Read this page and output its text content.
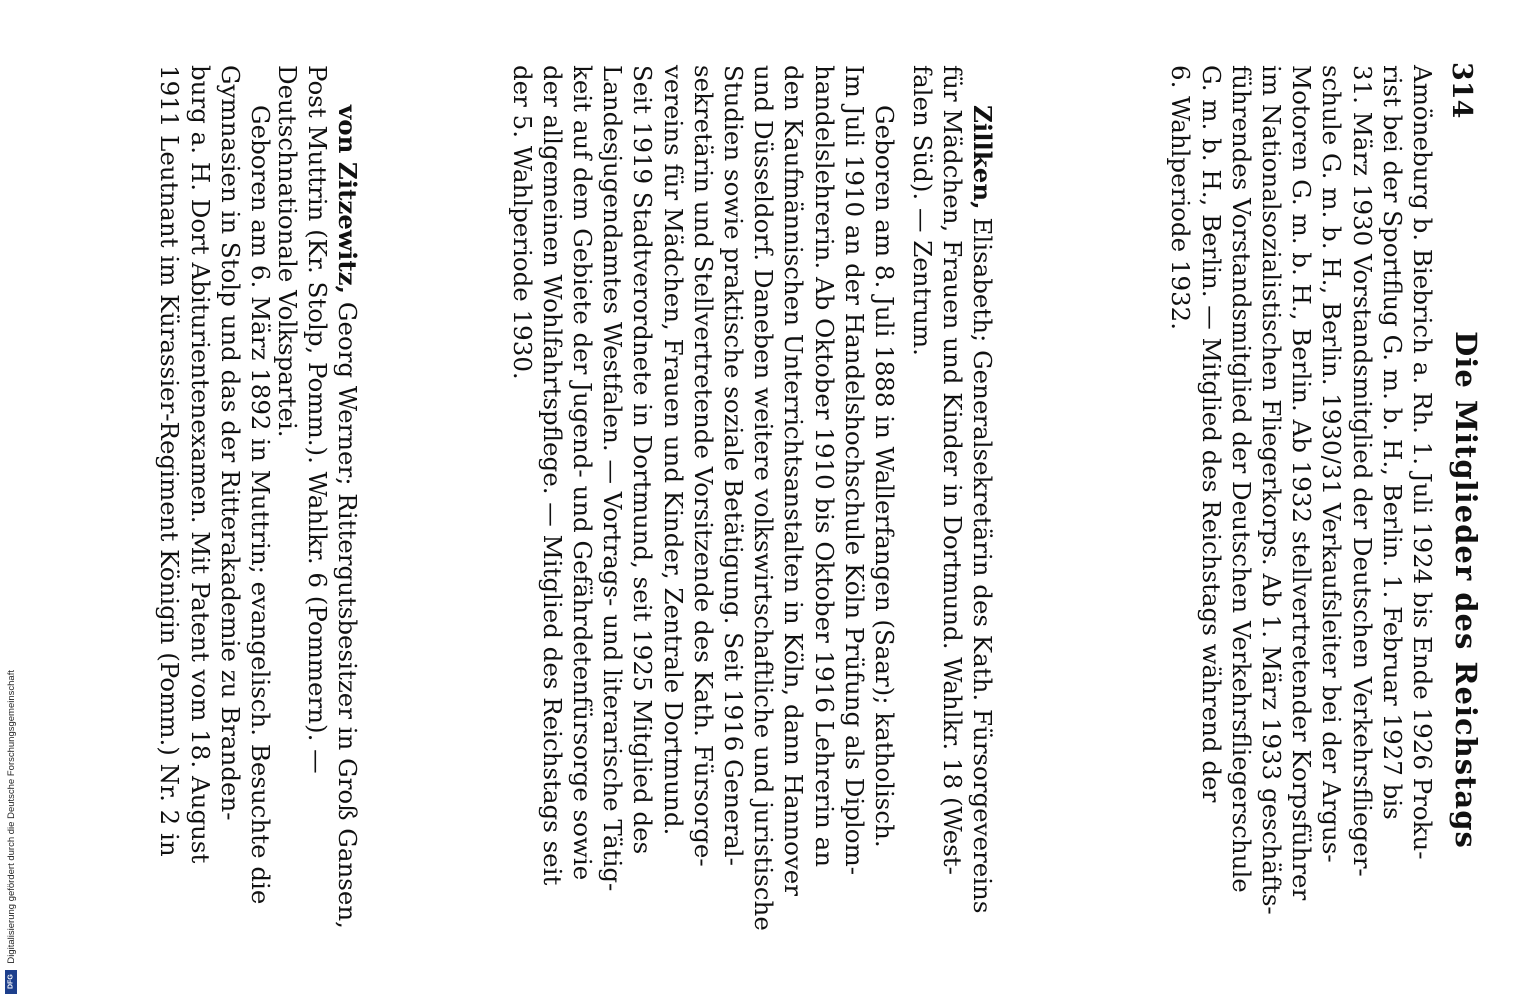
314
Die Mitglieder des Reichstags
Amöneburg b. Biebrich a. Rh. 1. Juli 1924 bis Ende 1926 Proku-
rist bei der Sportflug G. m. b. H., Berlin. 1. Februar 1927 bis
31. März 1930 Vorstandsmitglied der Deutschen Verkehrsflieger-
schule G. m. b. H., Berlin. 1930/31 Verkaufsleiter bei der Argus-
Motoren G. m. b. H., Berlin. Ab 1932 stellvertretender Korpsführer
im Nationalsozialistischen Fliegerkorps. Ab 1. März 1933 geschäfts-
führendes Vorstandsmitglied der Deutschen Verkehrsfliegerschule
G. m. b. H., Berlin. — Mitglied des Reichstags während der
6. Wahlperiode 1932.
Zillken, Elisabeth; Generalsekretärin des Kath. Fürsorgevereins
für Mädchen, Frauen und Kinder in Dortmund. Wahlkr. 18 (West-
falen Süd). — Zentrum.
Geboren am 8. Juli 1888 in Wallerfangen (Saar); katholisch.
Im Juli 1910 an der Handelshochschule Köln Prüfung als Diplom-
handelslehrerin. Ab Oktober 1910 bis Oktober 1916 Lehrerin an
den Kaufmännischen Unterrichtsanstalten in Köln, dann Hannover
und Düsseldorf. Daneben weitere volkswirtschaftliche und juristische
Studien sowie praktische soziale Betätigung. Seit 1916 General-
sekretärin und Stellvertretende Vorsitzende des Kath. Fürsorge-
vereins für Mädchen, Frauen und Kinder, Zentrale Dortmund.
Seit 1919 Stadtverordnete in Dortmund, seit 1925 Mitglied des
Landesjugendamtes Westfalen. — Vortrags- und literarische Tätig-
keit auf dem Gebiete der Jugend- und Gefährdetenfürsorge sowie
der allgemeinen Wohlfahrtspflege. — Mitglied des Reichstags seit
der 5. Wahlperiode 1930.
von Zitzewitz, Georg Werner; Rittergutsbesitzer in Groß Gansen,
Post Muttrin (Kr. Stolp, Pomm.). Wahlkr. 6 (Pommern). —
Deutschnationale Volkspartei.
Geboren am 6. März 1892 in Muttrin; evangelisch. Besuchte die
Gymnasien in Stolp und das der Ritterakademie zu Branden-
burg a. H. Dort Abiturientenexamen. Mit Patent vom 18. August
1911 Leutnant im Kürassier-Regiment Königin (Pomm.) Nr. 2 in
Digitalisierung gefördert durch die Deutsche Forschungsgemeinschaft
DFG
